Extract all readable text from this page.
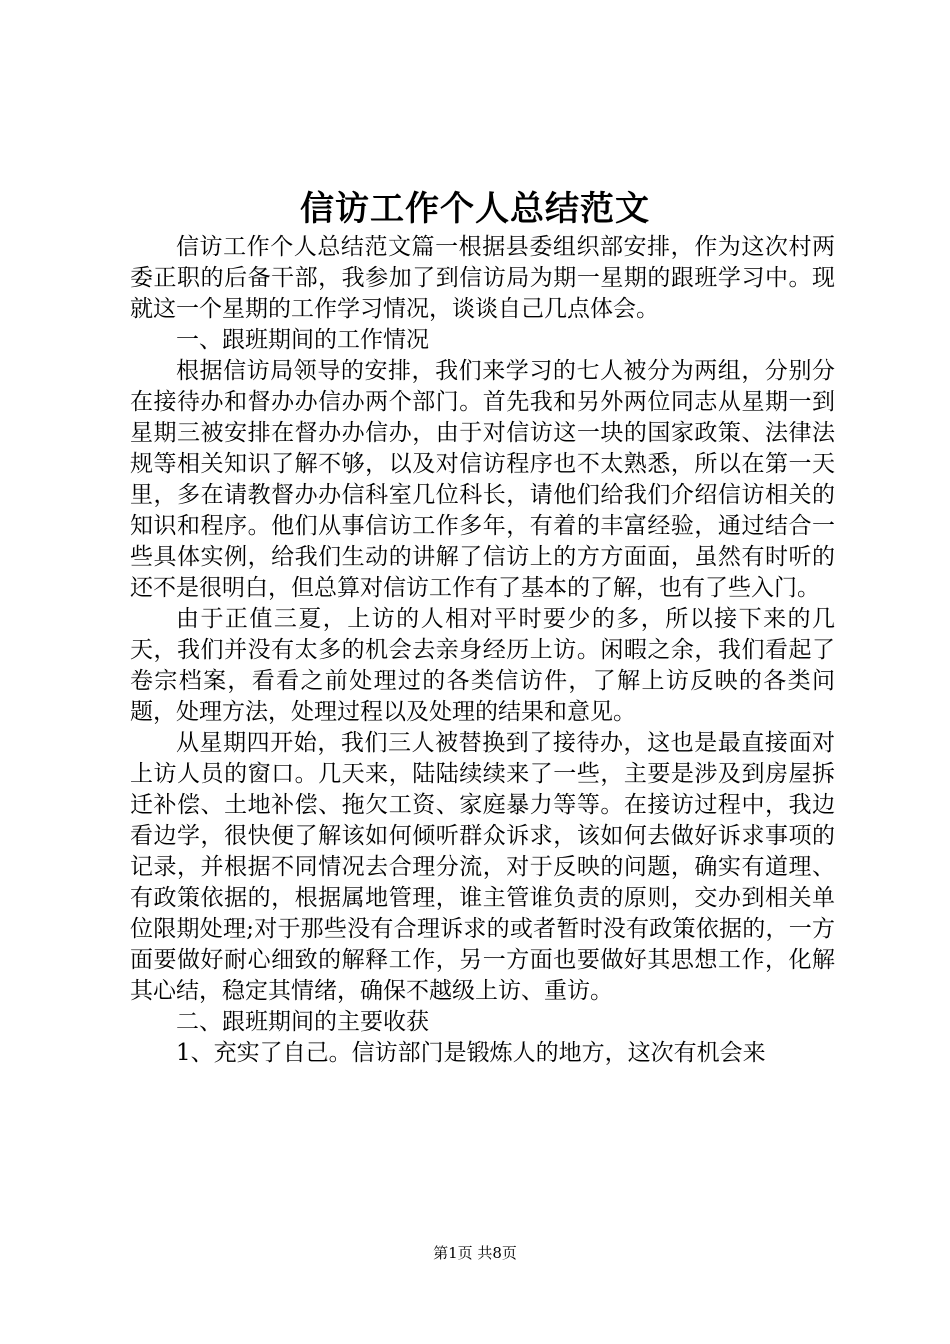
信访工作个人总结范文

信访工作个人总结范文篇一根据县委组织部安排，作为这次村两委正职的后备干部，我参加了到信访局为期一星期的跟班学习中。现就这一个星期的工作学习情况，谈谈自己几点体会。

一、跟班期间的工作情况

根据信访局领导的安排，我们来学习的七人被分为两组，分别分在接待办和督办办信办两个部门。首先我和另外两位同志从星期一到星期三被安排在督办办信办，由于对信访这一块的国家政策、法律法规等相关知识了解不够，以及对信访程序也不太熟悉，所以在第一天里，多在请教督办办信科室几位科长，请他们给我们介绍信访相关的知识和程序。他们从事信访工作多年，有着的丰富经验，通过结合一些具体实例，给我们生动的讲解了信访上的方方面面，虽然有时听的还不是很明白，但总算对信访工作有了基本的了解，也有了些入门。

由于正值三夏，上访的人相对平时要少的多，所以接下来的几天，我们并没有太多的机会去亲身经历上访。闲暇之余，我们看起了卷宗档案，看看之前处理过的各类信访件，了解上访反映的各类问题，处理方法，处理过程以及处理的结果和意见。

从星期四开始，我们三人被替换到了接待办，这也是最直接面对上访人员的窗口。几天来，陆陆续续来了一些，主要是涉及到房屋拆迁补偿、土地补偿、拖欠工资、家庭暴力等等。在接访过程中，我边看边学，很快便了解该如何倾听群众诉求，该如何去做好诉求事项的记录，并根据不同情况去合理分流，对于反映的问题，确实有道理、有政策依据的，根据属地管理，谁主管谁负责的原则，交办到相关单位限期处理;对于那些没有合理诉求的或者暂时没有政策依据的，一方面要做好耐心细致的解释工作，另一方面也要做好其思想工作，化解其心结，稳定其情绪，确保不越级上访、重访。

二、跟班期间的主要收获

1、充实了自己。信访部门是锻炼人的地方，这次有机会来

第1页 共8页
